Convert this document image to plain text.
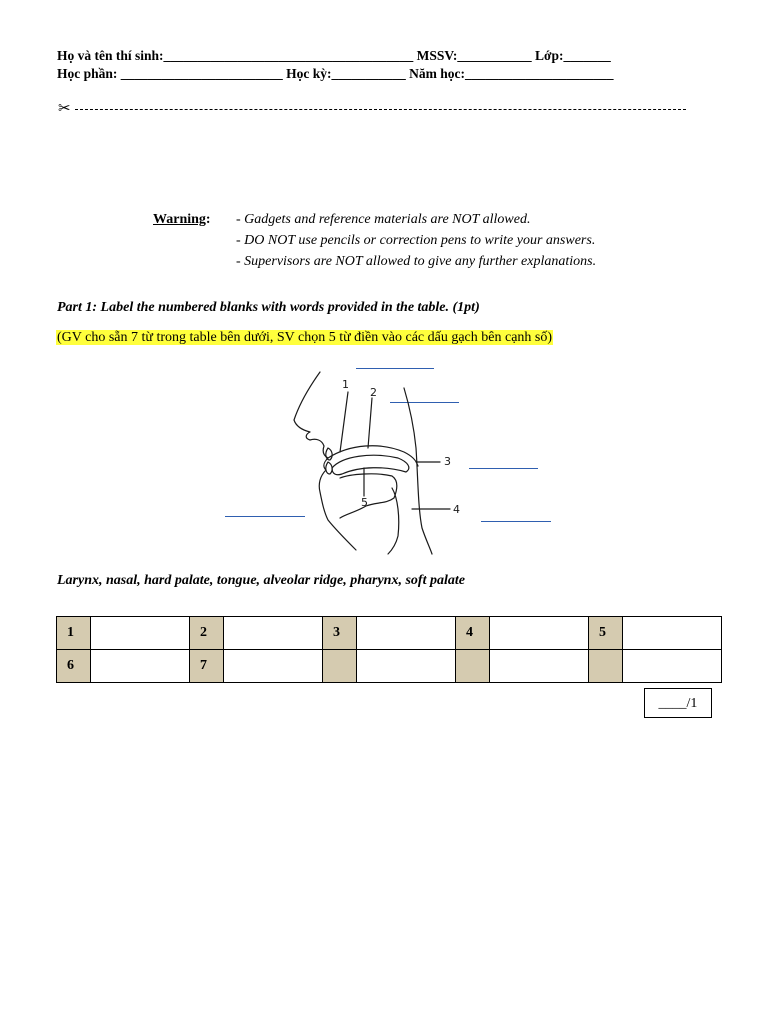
Họ và tên thí sinh:_____________________________________ MSSV:___________ Lớp:_______
Học phần: ________________________ Học kỳ:___________ Năm học:______________________
✂
Warning: - Gadgets and reference materials are NOT allowed.
- DO NOT use pencils or correction pens to write your answers.
- Supervisors are NOT allowed to give any further explanations.
Part 1: Label the numbered blanks with words provided in the table. (1pt)
(GV cho sẵn 7 từ trong table bên dưới, SV chọn 5 từ điền vào các dấu gạch bên cạnh số)
1
2
3
4
5
Larynx, nasal, hard palate, tongue, alveolar ridge, pharynx, soft palate
1		2		3		4		5	
6		7							
____/1
